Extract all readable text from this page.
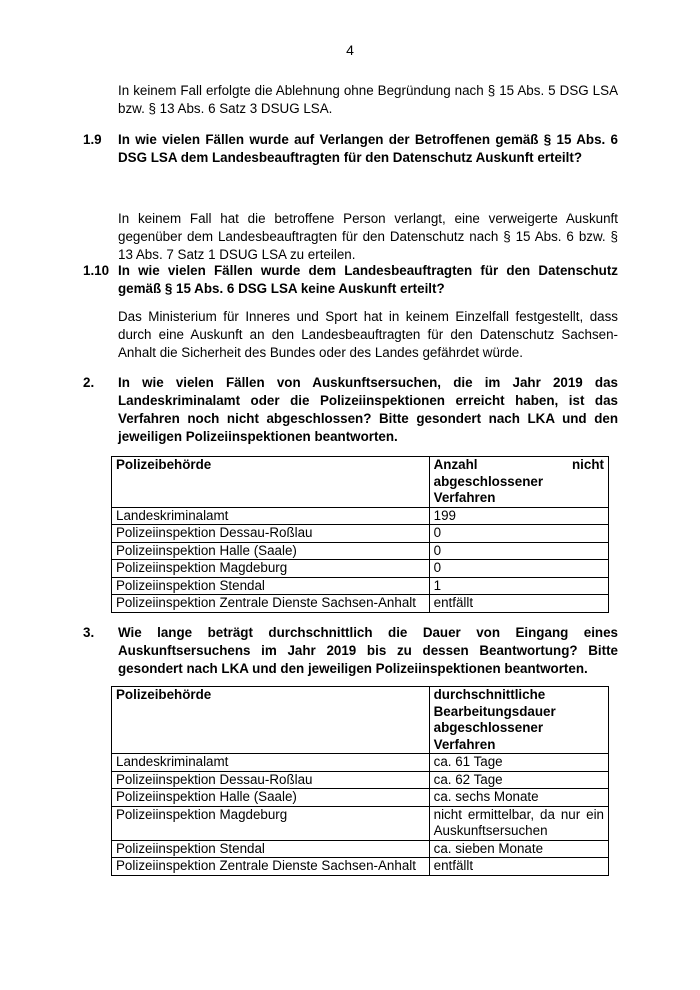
4

In keinem Fall erfolgte die Ablehnung ohne Begründung nach § 15 Abs. 5 DSG LSA bzw. § 13 Abs. 6 Satz 3 DSUG LSA.

1.9 In wie vielen Fällen wurde auf Verlangen der Betroffenen gemäß § 15 Abs. 6 DSG LSA dem Landesbeauftragten für den Datenschutz Auskunft erteilt?

In keinem Fall hat die betroffene Person verlangt, eine verweigerte Auskunft gegenüber dem Landesbeauftragten für den Datenschutz nach § 15 Abs. 6 bzw. § 13 Abs. 7 Satz 1 DSUG LSA zu erteilen.

1.10 In wie vielen Fällen wurde dem Landesbeauftragten für den Datenschutz gemäß § 15 Abs. 6 DSG LSA keine Auskunft erteilt?

Das Ministerium für Inneres und Sport hat in keinem Einzelfall festgestellt, dass durch eine Auskunft an den Landesbeauftragten für den Datenschutz Sachsen-Anhalt die Sicherheit des Bundes oder des Landes gefährdet würde.

2. In wie vielen Fällen von Auskunftsersuchen, die im Jahr 2019 das Landeskriminalamt oder die Polizeiinspektionen erreicht haben, ist das Verfahren noch nicht abgeschlossen? Bitte gesondert nach LKA und den jeweiligen Polizeiinspektionen beantworten.

Polizeibehörde	Anzahl nicht abgeschlossener Verfahren
Landeskriminalamt	199
Polizeiinspektion Dessau-Roßlau	0
Polizeiinspektion Halle (Saale)	0
Polizeiinspektion Magdeburg	0
Polizeiinspektion Stendal	1
Polizeiinspektion Zentrale Dienste Sachsen-Anhalt	entfällt
3. Wie lange beträgt durchschnittlich die Dauer von Eingang eines Auskunftsersuchens im Jahr 2019 bis zu dessen Beantwortung? Bitte gesondert nach LKA und den jeweiligen Polizeiinspektionen beantworten.

Polizeibehörde	durchschnittliche Bearbeitungsdauer abgeschlossener Verfahren
Landeskriminalamt	ca. 61 Tage
Polizeiinspektion Dessau-Roßlau	ca. 62 Tage
Polizeiinspektion Halle (Saale)	ca. sechs Monate
Polizeiinspektion Magdeburg	nicht ermittelbar, da nur ein Auskunftsersuchen
Polizeiinspektion Stendal	ca. sieben Monate
Polizeiinspektion Zentrale Dienste Sachsen-Anhalt	entfällt
